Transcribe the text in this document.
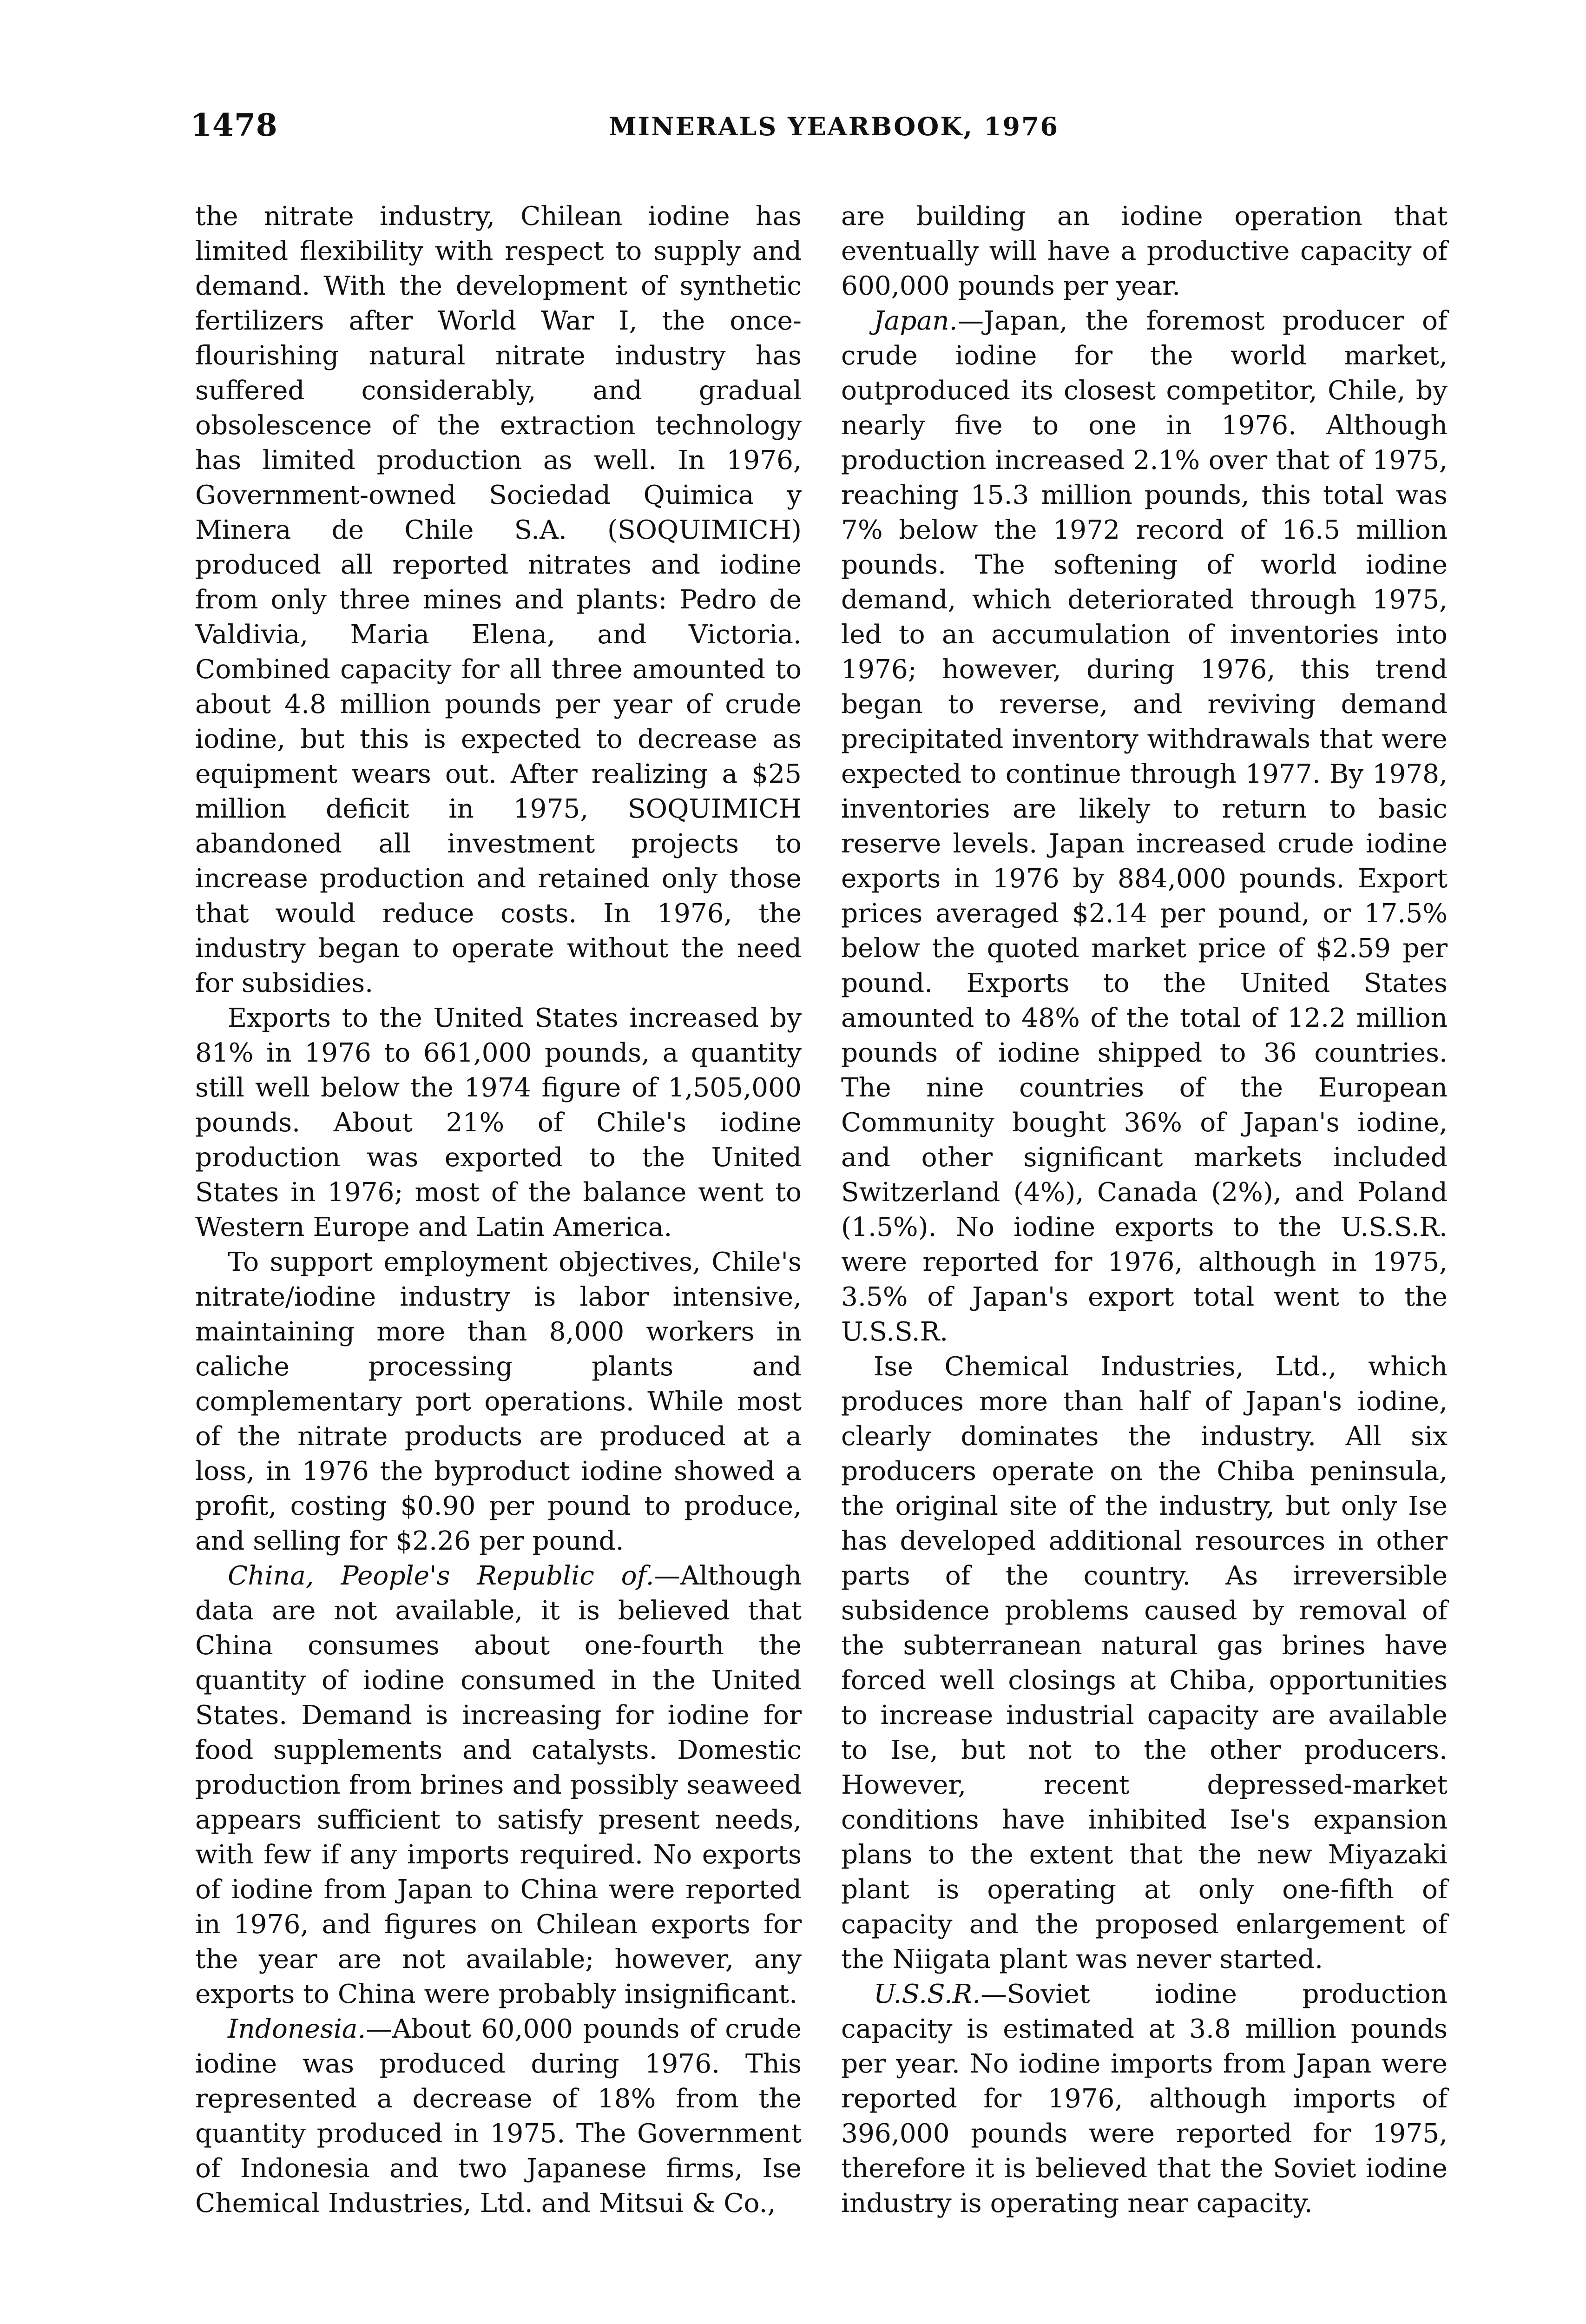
1478	MINERALS YEARBOOK, 1976

the nitrate industry, Chilean iodine has limited flexibility with respect to supply and demand. With the development of synthetic fertilizers after World War I, the once-flourishing natural nitrate industry has suffered considerably, and gradual obsolescence of the extraction technology has limited production as well. In 1976, Government-owned Sociedad Quimica y Minera de Chile S.A. (SOQUIMICH) produced all reported nitrates and iodine from only three mines and plants: Pedro de Valdivia, Maria Elena, and Victoria. Combined capacity for all three amounted to about 4.8 million pounds per year of crude iodine, but this is expected to decrease as equipment wears out. After realizing a $25 million deficit in 1975, SOQUIMICH abandoned all investment projects to increase production and retained only those that would reduce costs. In 1976, the industry began to operate without the need for subsidies.

Exports to the United States increased by 81% in 1976 to 661,000 pounds, a quantity still well below the 1974 figure of 1,505,000 pounds. About 21% of Chile's iodine production was exported to the United States in 1976; most of the balance went to Western Europe and Latin America.

To support employment objectives, Chile's nitrate/iodine industry is labor intensive, maintaining more than 8,000 workers in caliche processing plants and complementary port operations. While most of the nitrate products are produced at a loss, in 1976 the byproduct iodine showed a profit, costing $0.90 per pound to produce, and selling for $2.26 per pound.

China, People's Republic of.—Although data are not available, it is believed that China consumes about one-fourth the quantity of iodine consumed in the United States. Demand is increasing for iodine for food supplements and catalysts. Domestic production from brines and possibly seaweed appears sufficient to satisfy present needs, with few if any imports required. No exports of iodine from Japan to China were reported in 1976, and figures on Chilean exports for the year are not available; however, any exports to China were probably insignificant.

Indonesia.—About 60,000 pounds of crude iodine was produced during 1976. This represented a decrease of 18% from the quantity produced in 1975. The Government of Indonesia and two Japanese firms, Ise Chemical Industries, Ltd. and Mitsui & Co.,

are building an iodine operation that eventually will have a productive capacity of 600,000 pounds per year.

Japan.—Japan, the foremost producer of crude iodine for the world market, outproduced its closest competitor, Chile, by nearly five to one in 1976. Although production increased 2.1% over that of 1975, reaching 15.3 million pounds, this total was 7% below the 1972 record of 16.5 million pounds. The softening of world iodine demand, which deteriorated through 1975, led to an accumulation of inventories into 1976; however, during 1976, this trend began to reverse, and reviving demand precipitated inventory withdrawals that were expected to continue through 1977. By 1978, inventories are likely to return to basic reserve levels. Japan increased crude iodine exports in 1976 by 884,000 pounds. Export prices averaged $2.14 per pound, or 17.5% below the quoted market price of $2.59 per pound. Exports to the United States amounted to 48% of the total of 12.2 million pounds of iodine shipped to 36 countries. The nine countries of the European Community bought 36% of Japan's iodine, and other significant markets included Switzerland (4%), Canada (2%), and Poland (1.5%). No iodine exports to the U.S.S.R. were reported for 1976, although in 1975, 3.5% of Japan's export total went to the U.S.S.R.

Ise Chemical Industries, Ltd., which produces more than half of Japan's iodine, clearly dominates the industry. All six producers operate on the Chiba peninsula, the original site of the industry, but only Ise has developed additional resources in other parts of the country. As irreversible subsidence problems caused by removal of the subterranean natural gas brines have forced well closings at Chiba, opportunities to increase industrial capacity are available to Ise, but not to the other producers. However, recent depressed-market conditions have inhibited Ise's expansion plans to the extent that the new Miyazaki plant is operating at only one-fifth of capacity and the proposed enlargement of the Niigata plant was never started.

U.S.S.R.—Soviet iodine production capacity is estimated at 3.8 million pounds per year. No iodine imports from Japan were reported for 1976, although imports of 396,000 pounds were reported for 1975, therefore it is believed that the Soviet iodine industry is operating near capacity.
